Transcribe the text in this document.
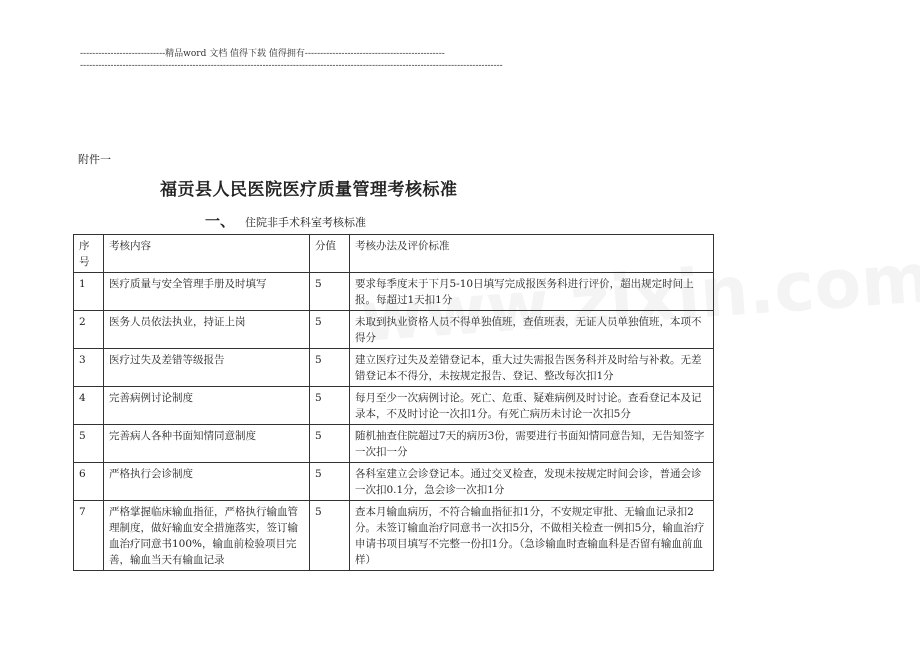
----------------------------精品word 文档 值得下载 值得拥有----------------------------------------------
-------------------------------------------------------------------------------------------------------------------------------------------
附件一
福贡县人民医院医疗质量管理考核标准
一、 住院非手术科室考核标准
序号	考核内容	分值	考核办法及评价标准
1	医疗质量与安全管理手册及时填写	5	要求每季度末于下月5-10日填写完成报医务科进行评价，超出规定时间上报。每超过1天扣1分
2	医务人员依法执业，持证上岗	5	未取到执业资格人员不得单独值班，查值班表，无证人员单独值班，本项不得分
3	医疗过失及差错等级报告	5	建立医疗过失及差错登记本，重大过失需报告医务科并及时给与补救。无差错登记本不得分，未按规定报告、登记、整改每次扣1分
4	完善病例讨论制度	5	每月至少一次病例讨论。死亡、危重、疑难病例及时讨论。查看登记本及记录本，不及时讨论一次扣1分。有死亡病历未讨论一次扣5分
5	完善病人各种书面知情同意制度	5	随机抽查住院超过7天的病历3份，需要进行书面知情同意告知，无告知签字一次扣一分
6	严格执行会诊制度	5	各科室建立会诊登记本。通过交叉检查，发现未按规定时间会诊，普通会诊一次扣0.1分，急会诊一次扣1分
7	严格掌握临床输血指征，严格执行输血管理制度，做好输血安全措施落实，签订输血治疗同意书100%，输血前检验项目完善，输血当天有输血记录	5	查本月输血病历，不符合输血指征扣1分，不安规定审批、无输血记录扣2分。未签订输血治疗同意书一次扣5分，不做相关检查一例扣5分，输血治疗申请书项目填写不完整一份扣1分。（急诊输血时查输血科是否留有输血前血样）
